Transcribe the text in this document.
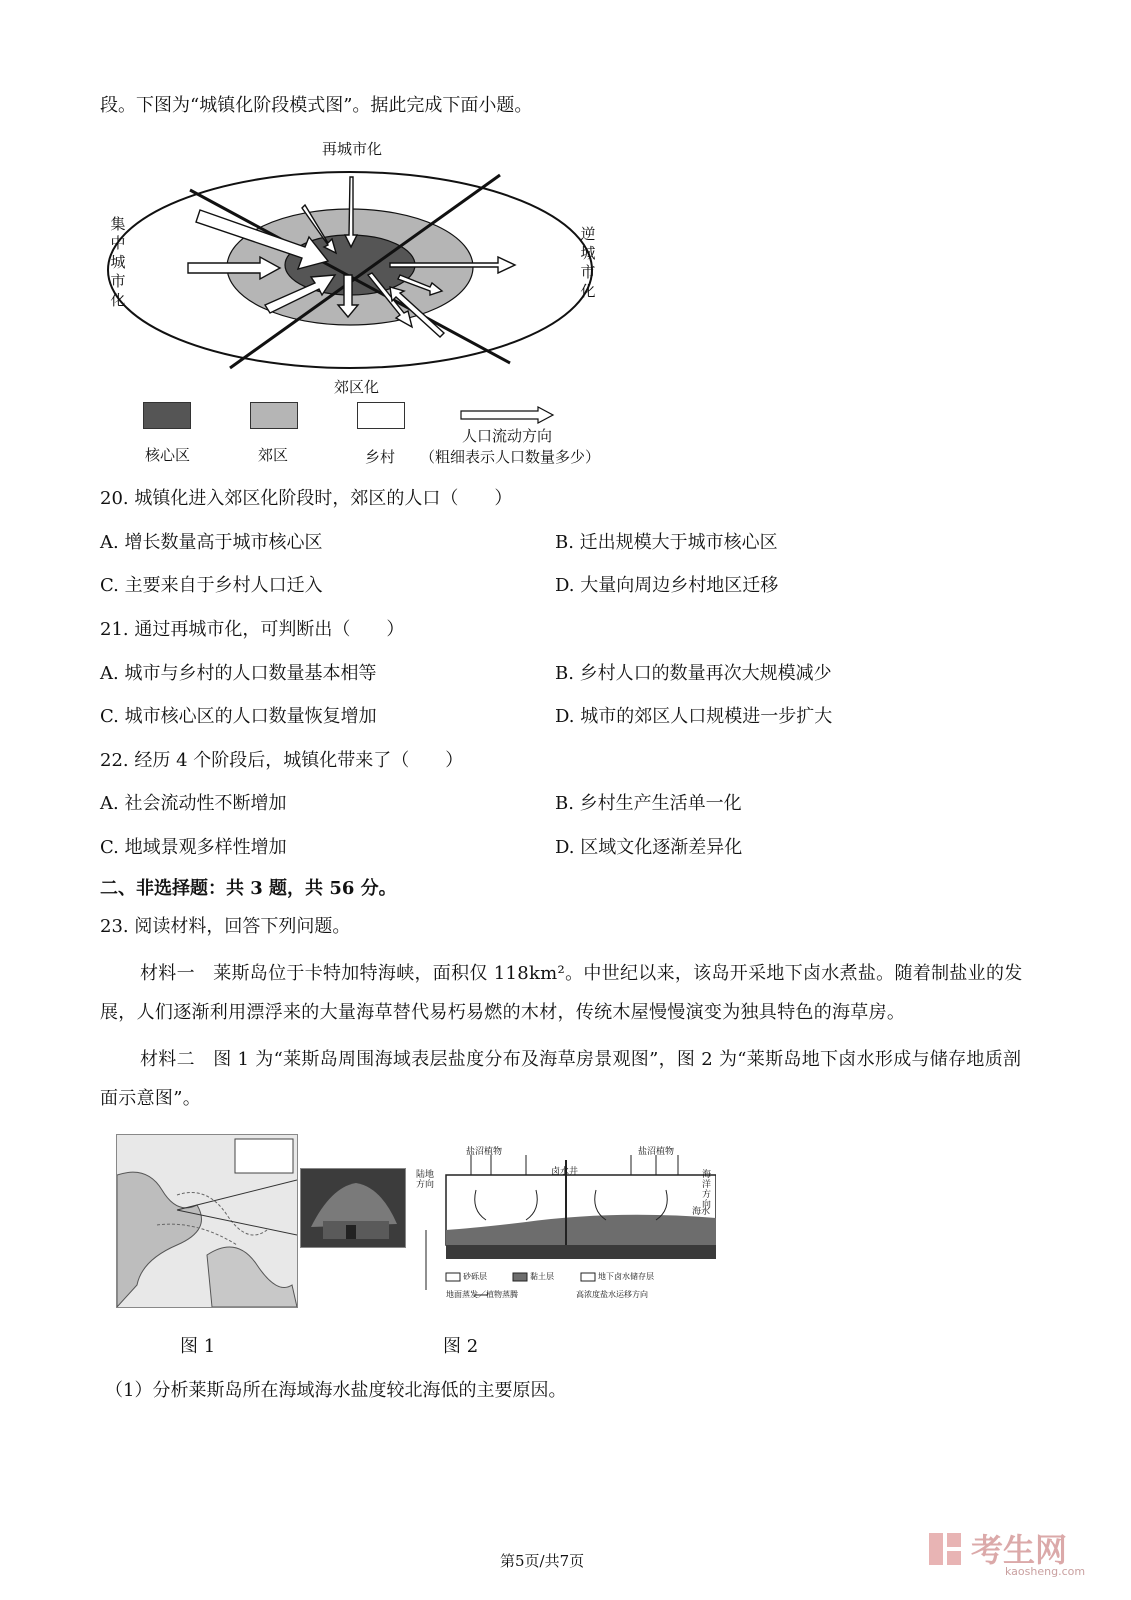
段。下图为“城镇化阶段模式图”。据此完成下面小题。
再城市化
集中城市化
逆城市化
郊区化
核心区	郊区	乡村
人口流动方向
（粗细表示人口数量多少）
20. 城镇化进入郊区化阶段时，郊区的人口（　　）
A. 增长数量高于城市核心区	B. 迁出规模大于城市核心区
C. 主要来自于乡村人口迁入	D. 大量向周边乡村地区迁移
21. 通过再城市化，可判断出（　　）
A. 城市与乡村的人口数量基本相等	B. 乡村人口的数量再次大规模减少
C. 城市核心区的人口数量恢复增加	D. 城市的郊区人口规模进一步扩大
22. 经历 4 个阶段后，城镇化带来了（　　）
A. 社会流动性不断增加	B. 乡村生产生活单一化
C. 地域景观多样性增加	D. 区域文化逐渐差异化
二、非选择题：共 3 题，共 56 分。
23. 阅读材料，回答下列问题。
材料一　莱斯岛位于卡特加特海峡，面积仅 118km²。中世纪以来，该岛开采地下卤水煮盐。随着制盐业的发展，人们逐渐利用漂浮来的大量海草替代易朽易燃的木材，传统木屋慢慢演变为独具特色的海草房。
材料二　图 1 为“莱斯岛周围海域表层盐度分布及海草房景观图”，图 2 为“莱斯岛地下卤水形成与储存地质剖面示意图”。
陆地
方向
盐沼植物
卤水井
盐沼植物
海洋
方向
海水
砂砾层	黏土层	地下卤水储存层
地面蒸发／植物蒸腾	高浓度盐水运移方向
图 1	图 2
（1）分析莱斯岛所在海域海水盐度较北海低的主要原因。
第5页/共7页	考生网
kaosheng.com
